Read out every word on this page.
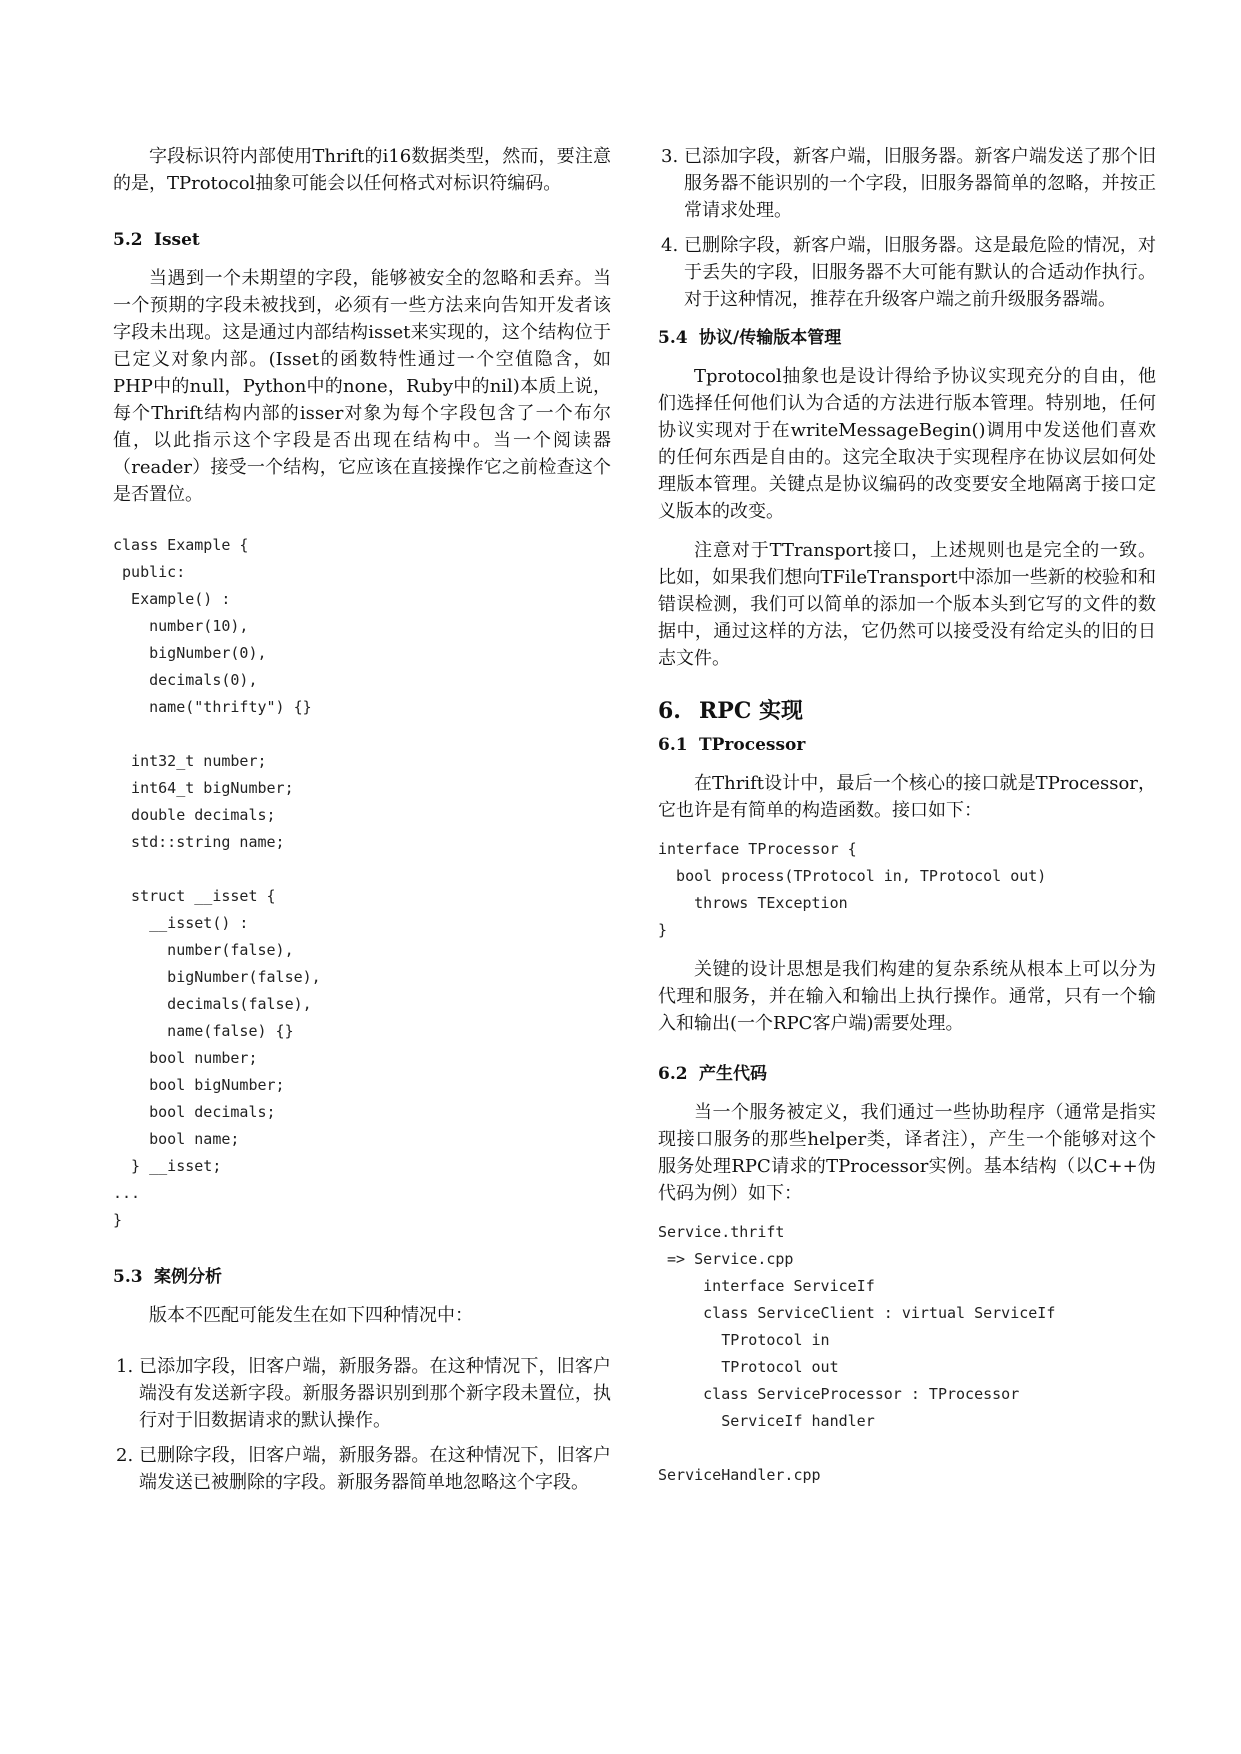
字段标识符内部使用Thrift的i16数据类型，然而，要注意的是，TProtocol抽象可能会以任何格式对标识符编码。

5.2 Isset

当遇到一个未期望的字段，能够被安全的忽略和丢弃。当一个预期的字段未被找到，必须有一些方法来向告知开发者该字段未出现。这是通过内部结构isset来实现的，这个结构位于已定义对象内部。(Isset的函数特性通过一个空值隐含，如PHP中的null，Python中的none，Ruby中的nil)本质上说，每个Thrift结构内部的isser对象为每个字段包含了一个布尔值，以此指示这个字段是否出现在结构中。当一个阅读器（reader）接受一个结构，它应该在直接操作它之前检查这个是否置位。

class Example {
public:
Example() :
number(10),
bigNumber(0),
decimals(0),
name("thrifty") {}

int32_t number;
int64_t bigNumber;
double decimals;
std::string name;

struct __isset {
__isset() :
number(false),
bigNumber(false),
decimals(false),
name(false) {}
bool number;
bool bigNumber;
bool decimals;
bool name;
} __isset;
...
}
5.3 案例分析

版本不匹配可能发生在如下四种情况中：

1. 已添加字段，旧客户端，新服务器。在这种情况下，旧客户端没有发送新字段。新服务器识别到那个新字段未置位，执行对于旧数据请求的默认操作。
2. 已删除字段，旧客户端，新服务器。在这种情况下，旧客户端发送已被删除的字段。新服务器简单地忽略这个字段。
3. 已添加字段，新客户端，旧服务器。新客户端发送了那个旧服务器不能识别的一个字段，旧服务器简单的忽略，并按正常请求处理。
4. 已删除字段，新客户端，旧服务器。这是最危险的情况，对于丢失的字段，旧服务器不大可能有默认的合适动作执行。对于这种情况，推荐在升级客户端之前升级服务器端。
5.4 协议/传输版本管理

Tprotocol抽象也是设计得给予协议实现充分的自由，他们选择任何他们认为合适的方法进行版本管理。特别地，任何协议实现对于在writeMessageBegin()调用中发送他们喜欢的任何东西是自由的。这完全取决于实现程序在协议层如何处理版本管理。关键点是协议编码的改变要安全地隔离于接口定义版本的改变。

注意对于TTransport接口，上述规则也是完全的一致。比如，如果我们想向TFileTransport中添加一些新的校验和和错误检测，我们可以简单的添加一个版本头到它写的文件的数据中，通过这样的方法，它仍然可以接受没有给定头的旧的日志文件。

6. RPC 实现
6.1 TProcessor

在Thrift设计中，最后一个核心的接口就是TProcessor，它也许是有简单的构造函数。接口如下：

interface TProcessor {
bool process(TProtocol in, TProtocol out)
throws TException
}

关键的设计思想是我们构建的复杂系统从根本上可以分为代理和服务，并在输入和输出上执行操作。通常，只有一个输入和输出(一个RPC客户端)需要处理。

6.2 产生代码

当一个服务被定义，我们通过一些协助程序（通常是指实现接口服务的那些helper类，译者注），产生一个能够对这个服务处理RPC请求的TProcessor实例。基本结构（以C++伪代码为例）如下：

Service.thrift
=> Service.cpp
interface ServiceIf
class ServiceClient : virtual ServiceIf
TProtocol in
TProtocol out
class ServiceProcessor : TProcessor
ServiceIf handler

ServiceHandler.cpp
